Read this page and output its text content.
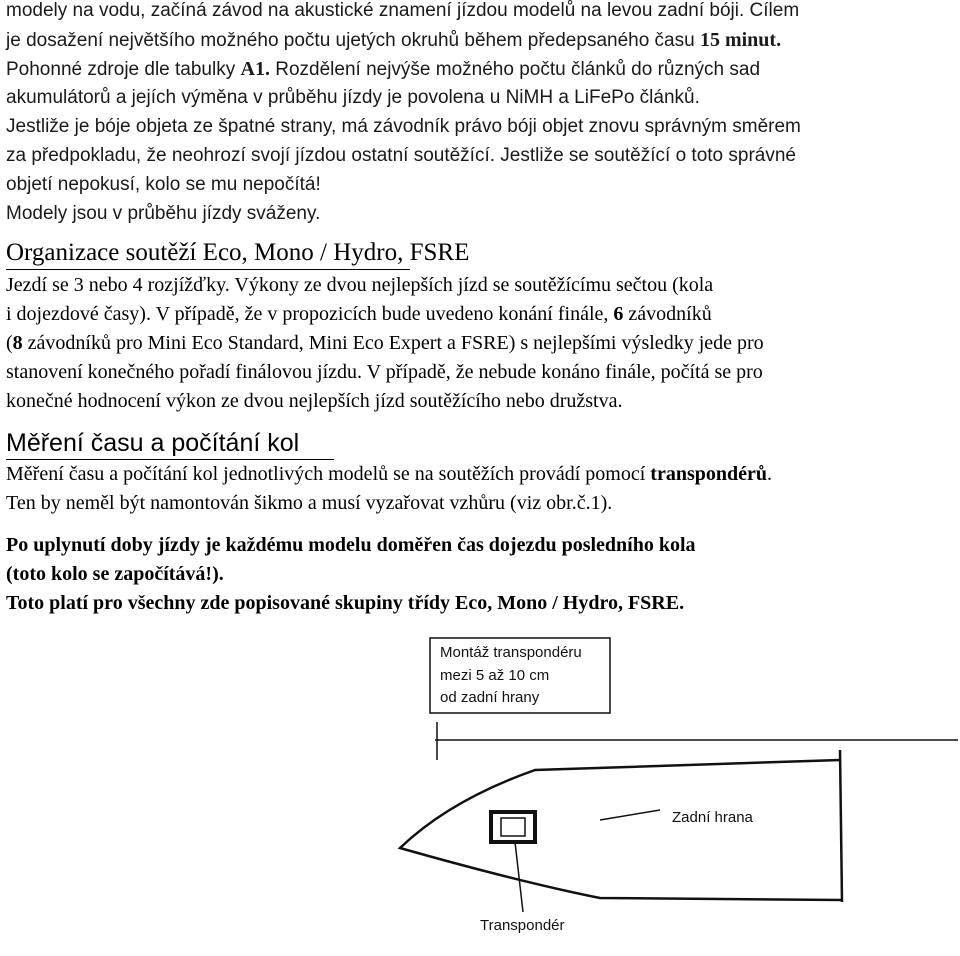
modely na vodu, začíná závod na akustické znamení jízdou modelů na levou zadní bóji. Cílem
je dosažení největšího možného počtu ujetých okruhů během předepsaného času 15 minut.
Pohonné zdroje dle tabulky A1. Rozdělení nejvýše možného počtu článků do různých sad
akumulátorů a jejích výměna v průběhu jízdy je povolena u NiMH a LiFePo článků.
Jestliže je bóje objeta ze špatné strany, má závodník právo bóji objet znovu správným směrem
za předpokladu, že neohrozí svojí jízdou ostatní soutěžící. Jestliže se soutěžící o toto správné
objetí nepokusí, kolo se mu nepočítá!
Modely jsou v průběhu jízdy sváženy.
Organizace soutěží Eco, Mono / Hydro, FSRE
Jezdí se 3 nebo 4 rozjížďky. Výkony ze dvou nejlepších jízd se soutěžícímu sečtou (kola
i dojezdové časy). V případě, že v propozicích bude uvedeno konání finále, 6 závodníků
(8 závodníků pro Mini Eco Standard, Mini Eco Expert a FSRE) s nejlepšími výsledky jede pro
stanovení konečného pořadí finálovou jízdu. V případě, že nebude konáno finále, počítá se pro
konečné hodnocení výkon ze dvou nejlepších jízd soutěžícího nebo družstva.
Měření času a počítání kol
Měření času a počítání kol jednotlivých modelů se na soutěžích provádí pomocí transpondérů.
Ten by neměl být namontován šikmo a musí vyzařovat vzhůru (viz obr.č.1).
Po uplynutí doby jízdy je každému modelu doměřen čas dojezdu posledního kola
(toto kolo se započítává!).
Toto platí pro všechny zde popisované skupiny třídy Eco, Mono / Hydro, FSRE.
Montáž transpondéru
mezi 5 až 10 cm
od zadní hrany
Zadní hrana
Transpondér
